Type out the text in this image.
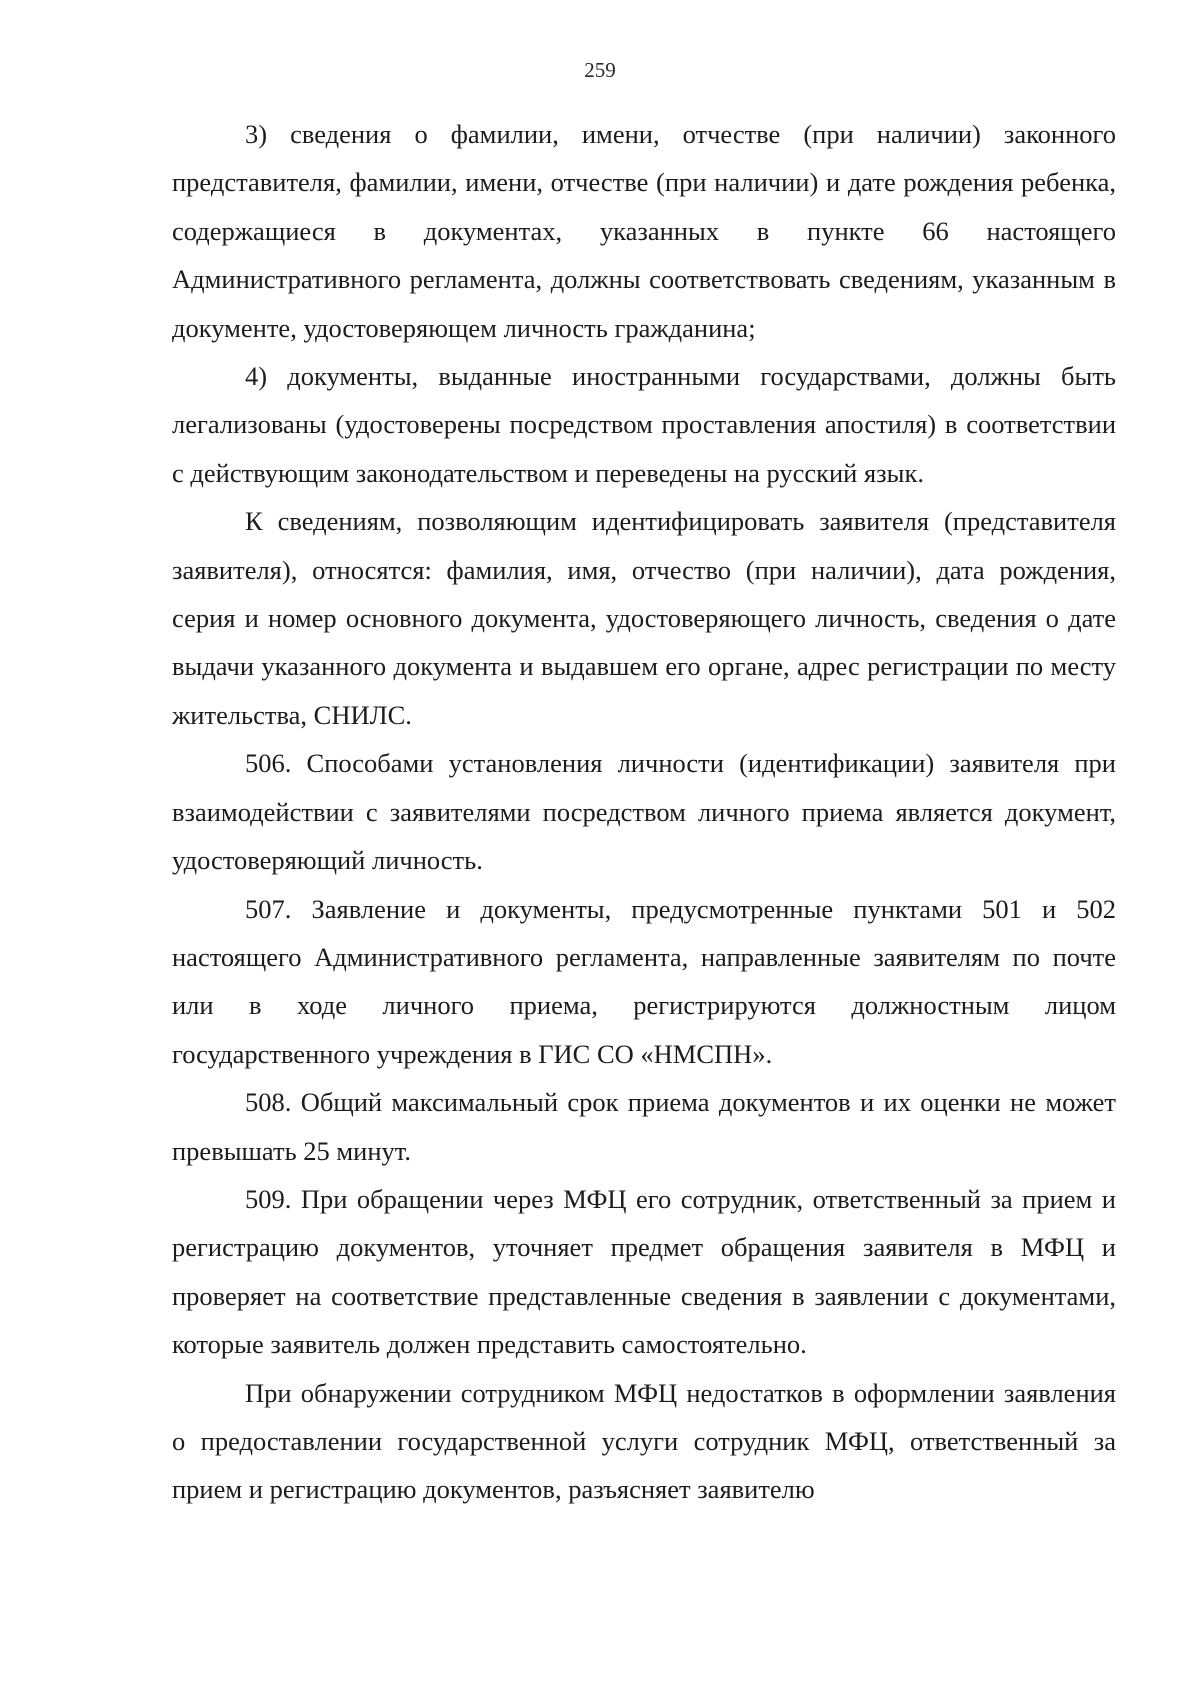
259

3) сведения о фамилии, имени, отчестве (при наличии) законного представителя, фамилии, имени, отчестве (при наличии) и дате рождения ребенка, содержащиеся в документах, указанных в пункте 66 настоящего Административного регламента, должны соответствовать сведениям, указанным в документе, удостоверяющем личность гражданина;

4) документы, выданные иностранными государствами, должны быть легализованы (удостоверены посредством проставления апостиля) в соответствии с действующим законодательством и переведены на русский язык.

К сведениям, позволяющим идентифицировать заявителя (представителя заявителя), относятся: фамилия, имя, отчество (при наличии), дата рождения, серия и номер основного документа, удостоверяющего личность, сведения о дате выдачи указанного документа и выдавшем его органе, адрес регистрации по месту жительства, СНИЛС.

506. Способами установления личности (идентификации) заявителя при взаимодействии с заявителями посредством личного приема является документ, удостоверяющий личность.

507. Заявление и документы, предусмотренные пунктами 501 и 502 настоящего Административного регламента, направленные заявителям по почте или в ходе личного приема, регистрируются должностным лицом государственного учреждения в ГИС СО «НМСПН».

508. Общий максимальный срок приема документов и их оценки не может превышать 25 минут.

509. При обращении через МФЦ его сотрудник, ответственный за прием и регистрацию документов, уточняет предмет обращения заявителя в МФЦ и проверяет на соответствие представленные сведения в заявлении с документами, которые заявитель должен представить самостоятельно.

При обнаружении сотрудником МФЦ недостатков в оформлении заявления о предоставлении государственной услуги сотрудник МФЦ, ответственный за прием и регистрацию документов, разъясняет заявителю
